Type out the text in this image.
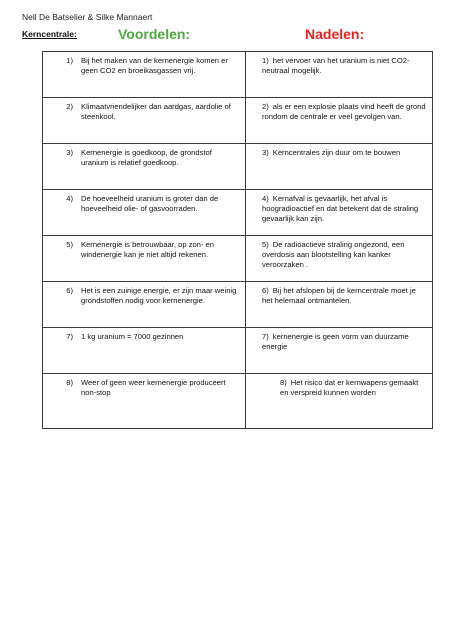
Nell De Batselier & Silke Mannaert
Kerncentrale:	Voordelen:	Nadelen:
1) Bij het maken van de kernenergie komen er geen CO2 en broeikasgassen vrij.	1) het vervoer van het uranium is niet CO2-neutraal mogelijk.

2) Klimaatvriendelijker dan aardgas, aardolie of steenkool.	2) als er een explosie plaats vind heeft de grond rondom de centrale er veel gevolgen van.

3) Kernenergie is goedkoop, de grondstof uranium is relatief goedkoop.	3) Kerncentrales zijn duur om te bouwen

4) De hoeveelheid uranium is groter dan de hoeveelheid olie- of gasvoorraden.	4) Kernafval is gevaarlijk, het afval is hoogradioactief en dat betekent dat de straling gevaarlijk kan zijn.

5) Kernenergie is betrouwbaar, op zon- en windenergie kan je niet altijd rekenen.	5) De radioactieve straling ongezond, een overdosis aan blootstelling kan kanker veroorzaken .

6) Het is een zuinige energie, er zijn maar weinig grondstoffen nodig voor kernenergie.	6) Bij het afslopen bij de kerncentrale moet je het helemaal ontmantelen.

7) 1 kg uranium = 7000 gezinnen	7) kernenergie is geen vorm van duurzame energie

8) Weer of geen weer kernenergie produceert non-stop	8) Het risico dat er kernwapens gemaakt en verspreid kunnen worden
